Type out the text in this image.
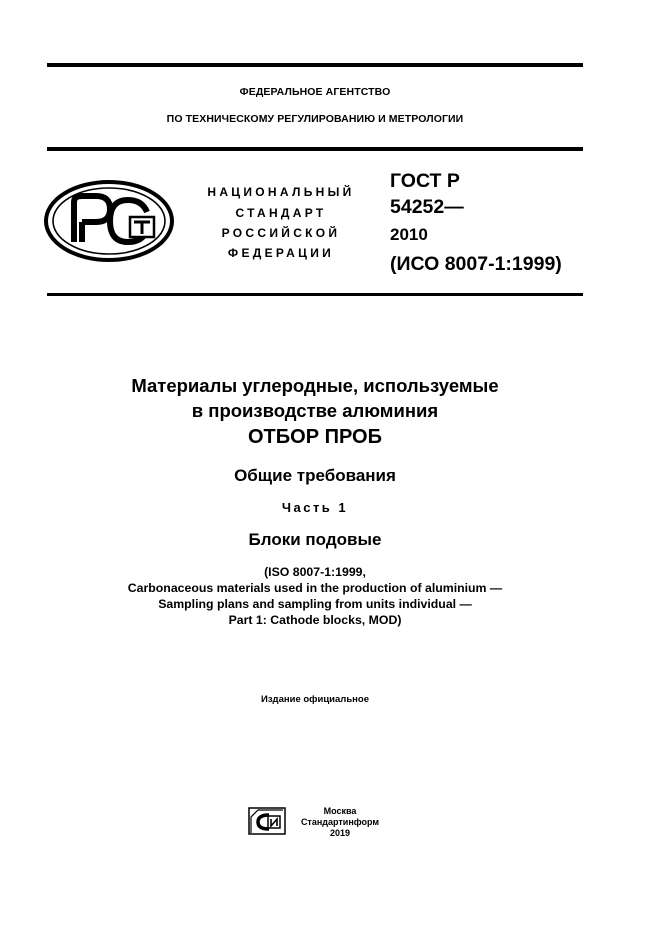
ФЕДЕРАЛЬНОЕ АГЕНТСТВО
ПО ТЕХНИЧЕСКОМУ РЕГУЛИРОВАНИЮ И МЕТРОЛОГИИ
НАЦИОНАЛЬНЫЙ
СТАНДАРТ
РОССИЙСКОЙ
ФЕДЕРАЦИИ
ГОСТ Р
54252—
2010
(ИСО 8007-1:1999)
Материалы углеродные, используемые
в производстве алюминия
ОТБОР ПРОБ
Общие требования
Часть 1
Блоки подовые
(ISO 8007-1:1999,
Carbonaceous materials used in the production of aluminium —
Sampling plans and sampling from units individual —
Part 1: Cathode blocks, MOD)
Издание официальное
Москва
Стандартинформ
2019
